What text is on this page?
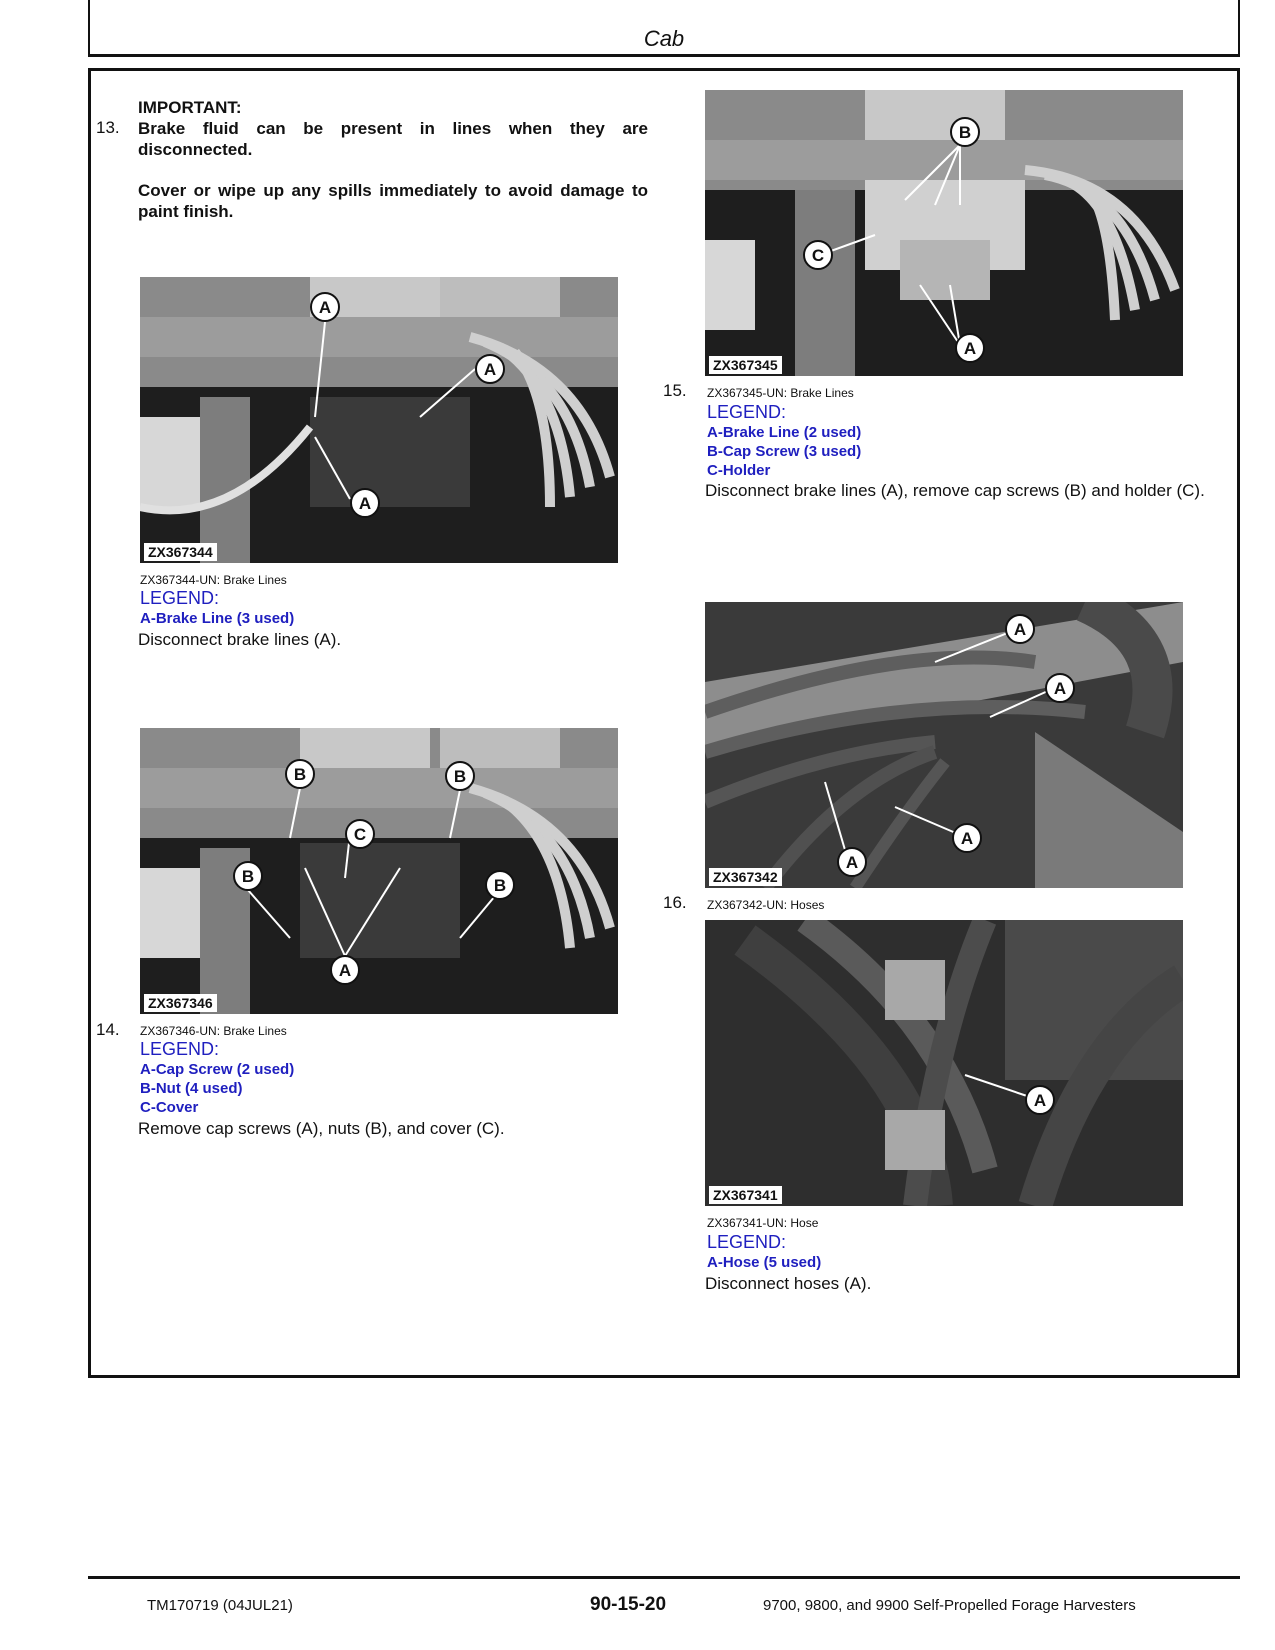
Cab
13.
IMPORTANT:
Brake fluid can be present in lines when they are disconnected.
Cover or wipe up any spills immediately to avoid damage to paint finish.
A
A
A
ZX367344
ZX367344-UN: Brake Lines
LEGEND:
A-Brake Line (3 used)
Disconnect brake lines (A).
B	B
C
B	B
A
ZX367346
14. ZX367346-UN: Brake Lines
LEGEND:
A-Cap Screw (2 used)
B-Nut (4 used)
C-Cover
Remove cap screws (A), nuts (B), and cover (C).
B
C
A
ZX367345
15. ZX367345-UN: Brake Lines
LEGEND:
A-Brake Line (2 used)
B-Cap Screw (3 used)
C-Holder
Disconnect brake lines (A), remove cap screws (B) and holder (C).
A
A
A
A
ZX367342
16. ZX367342-UN: Hoses
A
ZX367341
ZX367341-UN: Hose
LEGEND:
A-Hose (5 used)
Disconnect hoses (A).
TM170719 (04JUL21)	90-15-20	9700, 9800, and 9900 Self-Propelled Forage Harvesters
